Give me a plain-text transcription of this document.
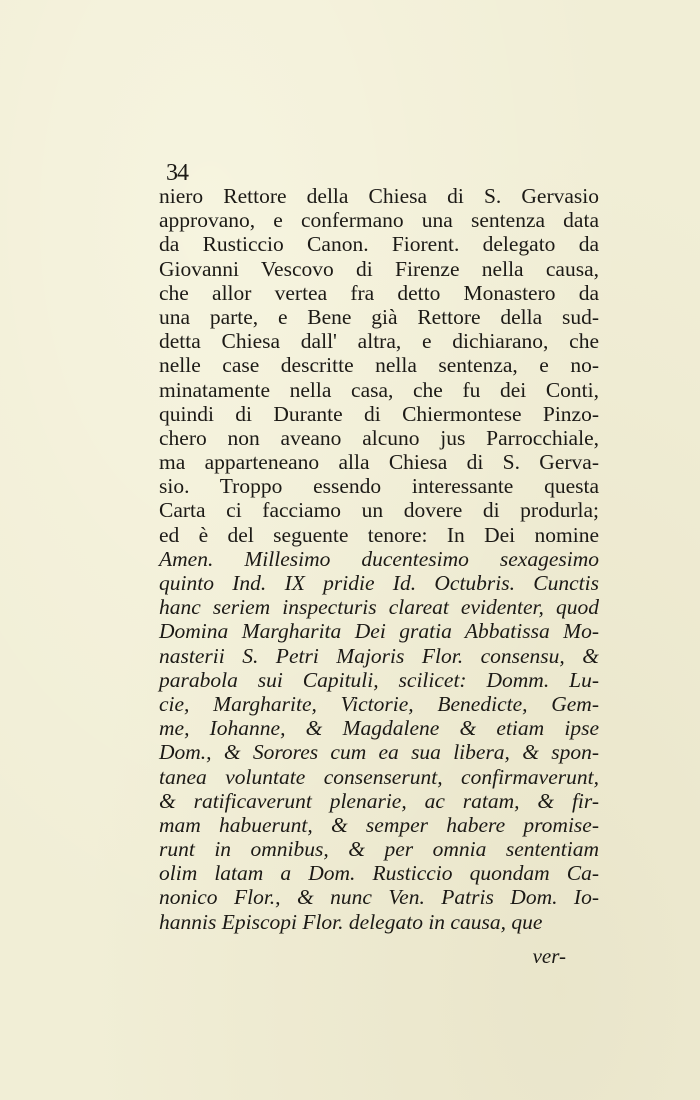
34
niero Rettore della Chiesa di S. Gervasio
approvano, e confermano una sentenza data
da Rusticcio Canon. Fiorent. delegato da
Giovanni Vescovo di Firenze nella causa,
che allor vertea fra detto Monastero da
una parte, e Bene già Rettore della sud-
detta Chiesa dall' altra, e dichiarano, che
nelle case descritte nella sentenza, e no-
minatamente nella casa, che fu dei Conti,
quindi di Durante di Chiermontese Pinzo-
chero non aveano alcuno jus Parrocchiale,
ma apparteneano alla Chiesa di S. Gerva-
sio. Troppo essendo interessante questa
Carta ci facciamo un dovere di produrla;
ed è del seguente tenore: In Dei nomine
Amen. Millesimo ducentesimo sexagesimo
quinto Ind. IX pridie Id. Octubris. Cunctis
hanc seriem inspecturis clareat evidenter, quod
Domina Margharita Dei gratia Abbatissa Mo-
nasterii S. Petri Majoris Flor. consensu, &
parabola sui Capituli, scilicet: Domm. Lu-
cie, Margharite, Victorie, Benedicte, Gem-
me, Iohanne, & Magdalene & etiam ipse
Dom., & Sorores cum ea sua libera, & spon-
tanea voluntate consenserunt, confirmaverunt,
& ratificaverunt plenarie, ac ratam, & fir-
mam habuerunt, & semper habere promise-
runt in omnibus, & per omnia sententiam
olim latam a Dom. Rusticcio quondam Ca-
nonico Flor., & nunc Ven. Patris Dom. Io-
hannis Episcopi Flor. delegato in causa, que
ver-
